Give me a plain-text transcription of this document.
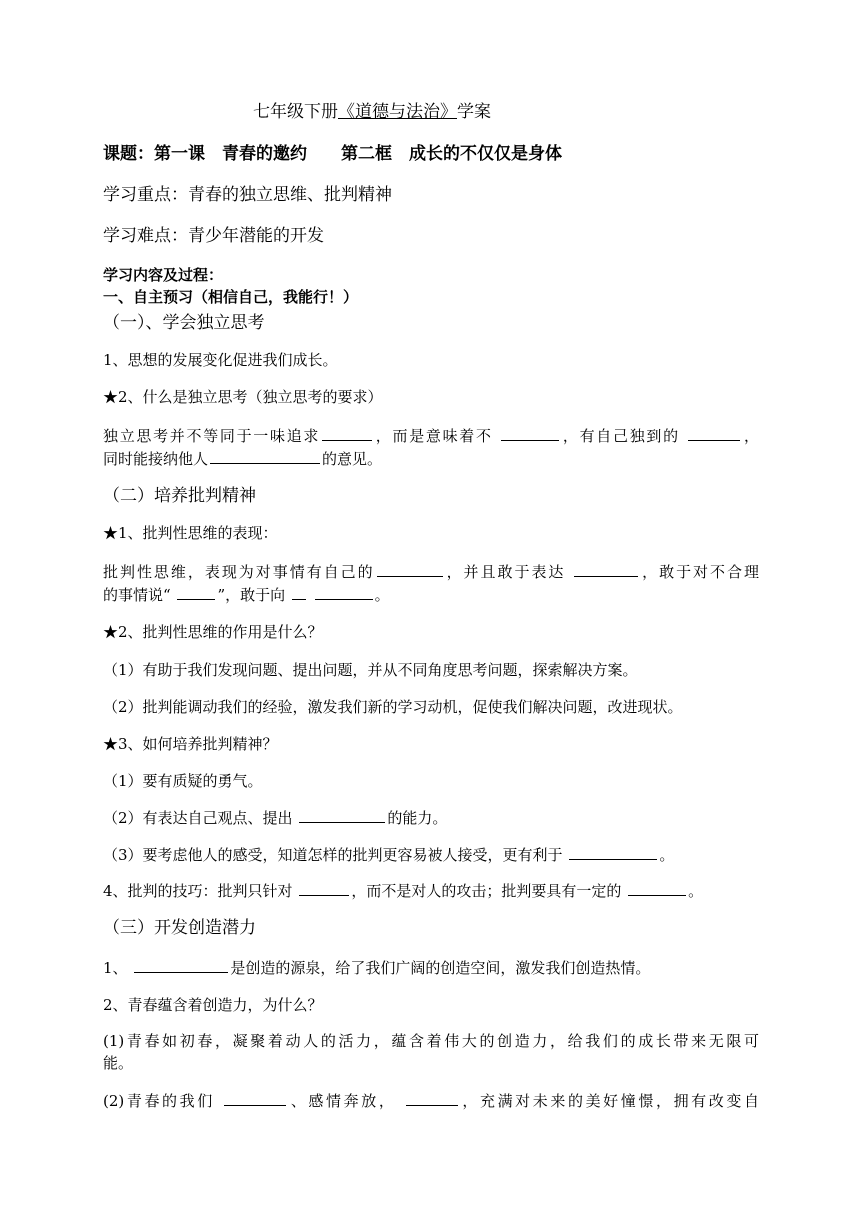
七年级下册《道德与法治》学案
课题：第一课　青春的邀约　　第二框　成长的不仅仅是身体
学习重点：青春的独立思维、批判精神
学习难点：青少年潜能的开发
学习内容及过程：
一、自主预习（相信自己，我能行！）
（一）、学会独立思考
1、思想的发展变化促进我们成长。
★2、什么是独立思考（独立思考的要求）
独立思考并不等同于一味追求	，而是意味着不	，有自己独到的	，
同时能接纳他人	的意见。
（二）培养批判精神
★1、批判性思维的表现：
批判性思维，表现为对事情有自己的	，并且敢于表达	，敢于对不合理
的事情说“	”，敢于向	。
★2、批判性思维的作用是什么？
（1）有助于我们发现问题、提出问题，并从不同角度思考问题，探索解决方案。
（2）批判能调动我们的经验，激发我们新的学习动机，促使我们解决问题，改进现状。
★3、如何培养批判精神？
（1）要有质疑的勇气。
（2）有表达自己观点、提出	的能力。
（3）要考虑他人的感受，知道怎样的批判更容易被人接受，更有利于	。
4、批判的技巧：批判只针对	，而不是对人的攻击；批判要具有一定的	。
（三）开发创造潜力
1、	是创造的源泉，给了我们广阔的创造空间，激发我们创造热情。
2、青春蕴含着创造力，为什么？
(1)青春如初春，凝聚着动人的活力，蕴含着伟大的创造力，给我们的成长带来无限可
能。
(2)青春的我们	、感情奔放，	，充满对未来的美好憧憬，拥有改变自
